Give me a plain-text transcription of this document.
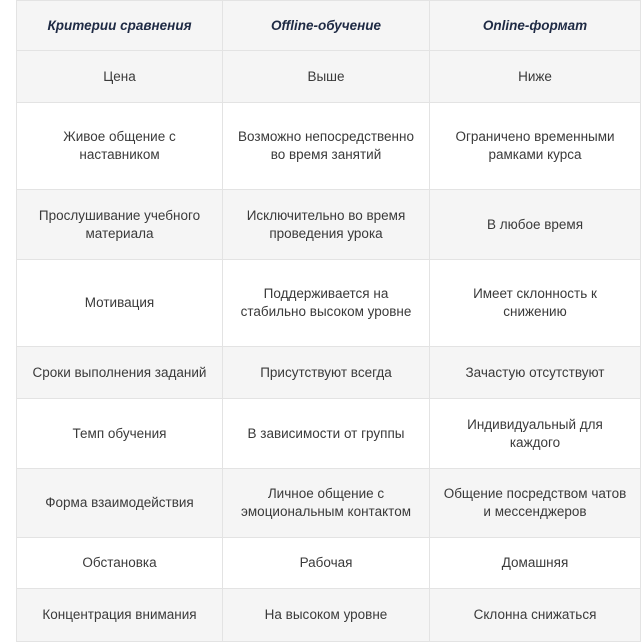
Критерии сравнения	Offline-обучение	Online-формат
Цена	Выше	Ниже
Живое общение с наставником	Возможно непосредственно во время занятий	Ограничено временными рамками курса
Прослушивание учебного материала	Исключительно во время проведения урока	В любое время
Мотивация	Поддерживается на стабильно высоком уровне	Имеет склонность к снижению
Сроки выполнения заданий	Присутствуют всегда	Зачастую отсутствуют
Темп обучения	В зависимости от группы	Индивидуальный для каждого
Форма взаимодействия	Личное общение с эмоциональным контактом	Общение посредством чатов и мессенджеров
Обстановка	Рабочая	Домашняя
Концентрация внимания	На высоком уровне	Склонна снижаться
